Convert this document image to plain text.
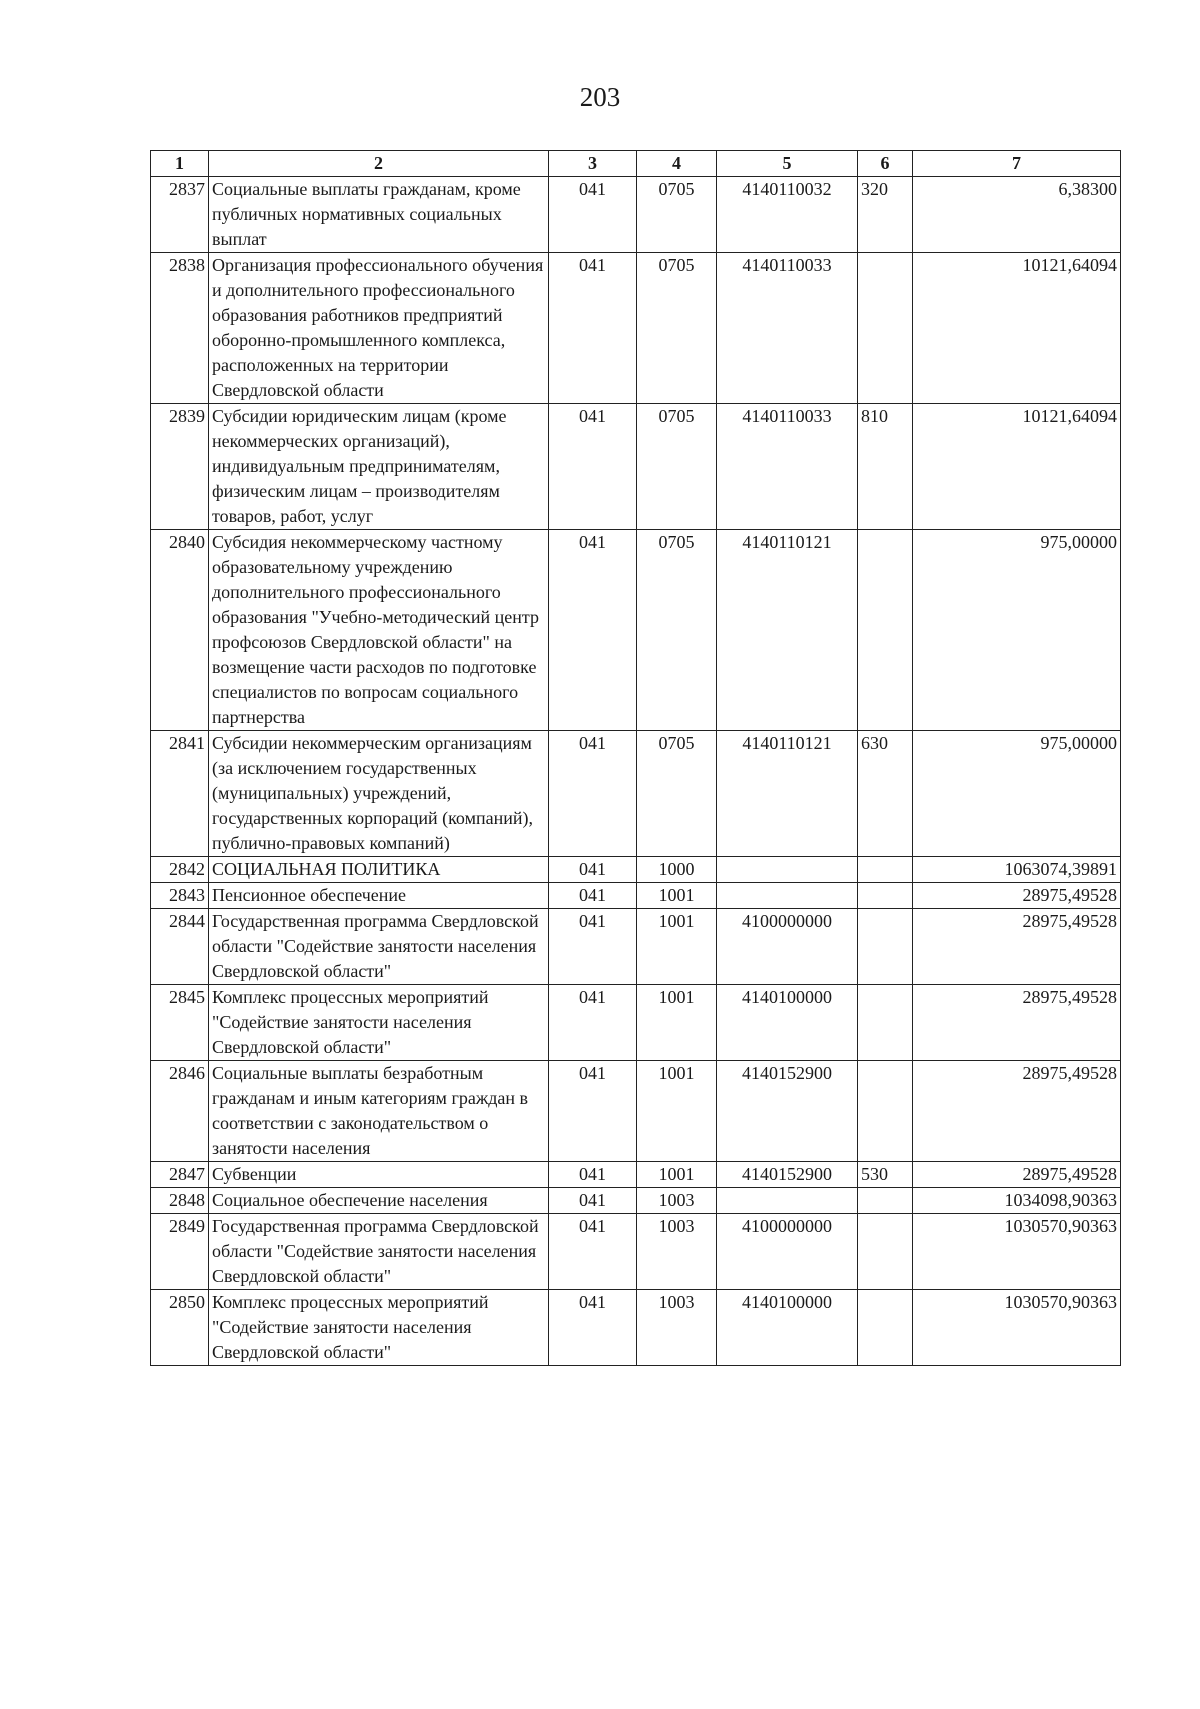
203
1	2	3	4	5	6	7
2837	Социальные выплаты гражданам, кроме публичных нормативных социальных выплат	041	0705	4140110032	320	6,38300
2838	Организация профессионального обучения и дополнительного профессионального образования работников предприятий оборонно-промышленного комплекса, расположенных на территории Свердловской области	041	0705	4140110033		10121,64094
2839	Субсидии юридическим лицам (кроме некоммерческих организаций), индивидуальным предпринимателям, физическим лицам – производителям товаров, работ, услуг	041	0705	4140110033	810	10121,64094
2840	Субсидия некоммерческому частному образовательному учреждению дополнительного профессионального образования "Учебно-методический центр профсоюзов Свердловской области" на возмещение части расходов по подготовке специалистов по вопросам социального партнерства	041	0705	4140110121		975,00000
2841	Субсидии некоммерческим организациям (за исключением государственных (муниципальных) учреждений, государственных корпораций (компаний), публично-правовых компаний)	041	0705	4140110121	630	975,00000
2842	СОЦИАЛЬНАЯ ПОЛИТИКА	041	1000			1063074,39891
2843	Пенсионное обеспечение	041	1001			28975,49528
2844	Государственная программа Свердловской области "Содействие занятости населения Свердловской области"	041	1001	4100000000		28975,49528
2845	Комплекс процессных мероприятий "Содействие занятости населения Свердловской области"	041	1001	4140100000		28975,49528
2846	Социальные выплаты безработным гражданам и иным категориям граждан в соответствии с законодательством о занятости населения	041	1001	4140152900		28975,49528
2847	Субвенции	041	1001	4140152900	530	28975,49528
2848	Социальное обеспечение населения	041	1003			1034098,90363
2849	Государственная программа Свердловской области "Содействие занятости населения Свердловской области"	041	1003	4100000000		1030570,90363
2850	Комплекс процессных мероприятий "Содействие занятости населения Свердловской области"	041	1003	4140100000		1030570,90363
